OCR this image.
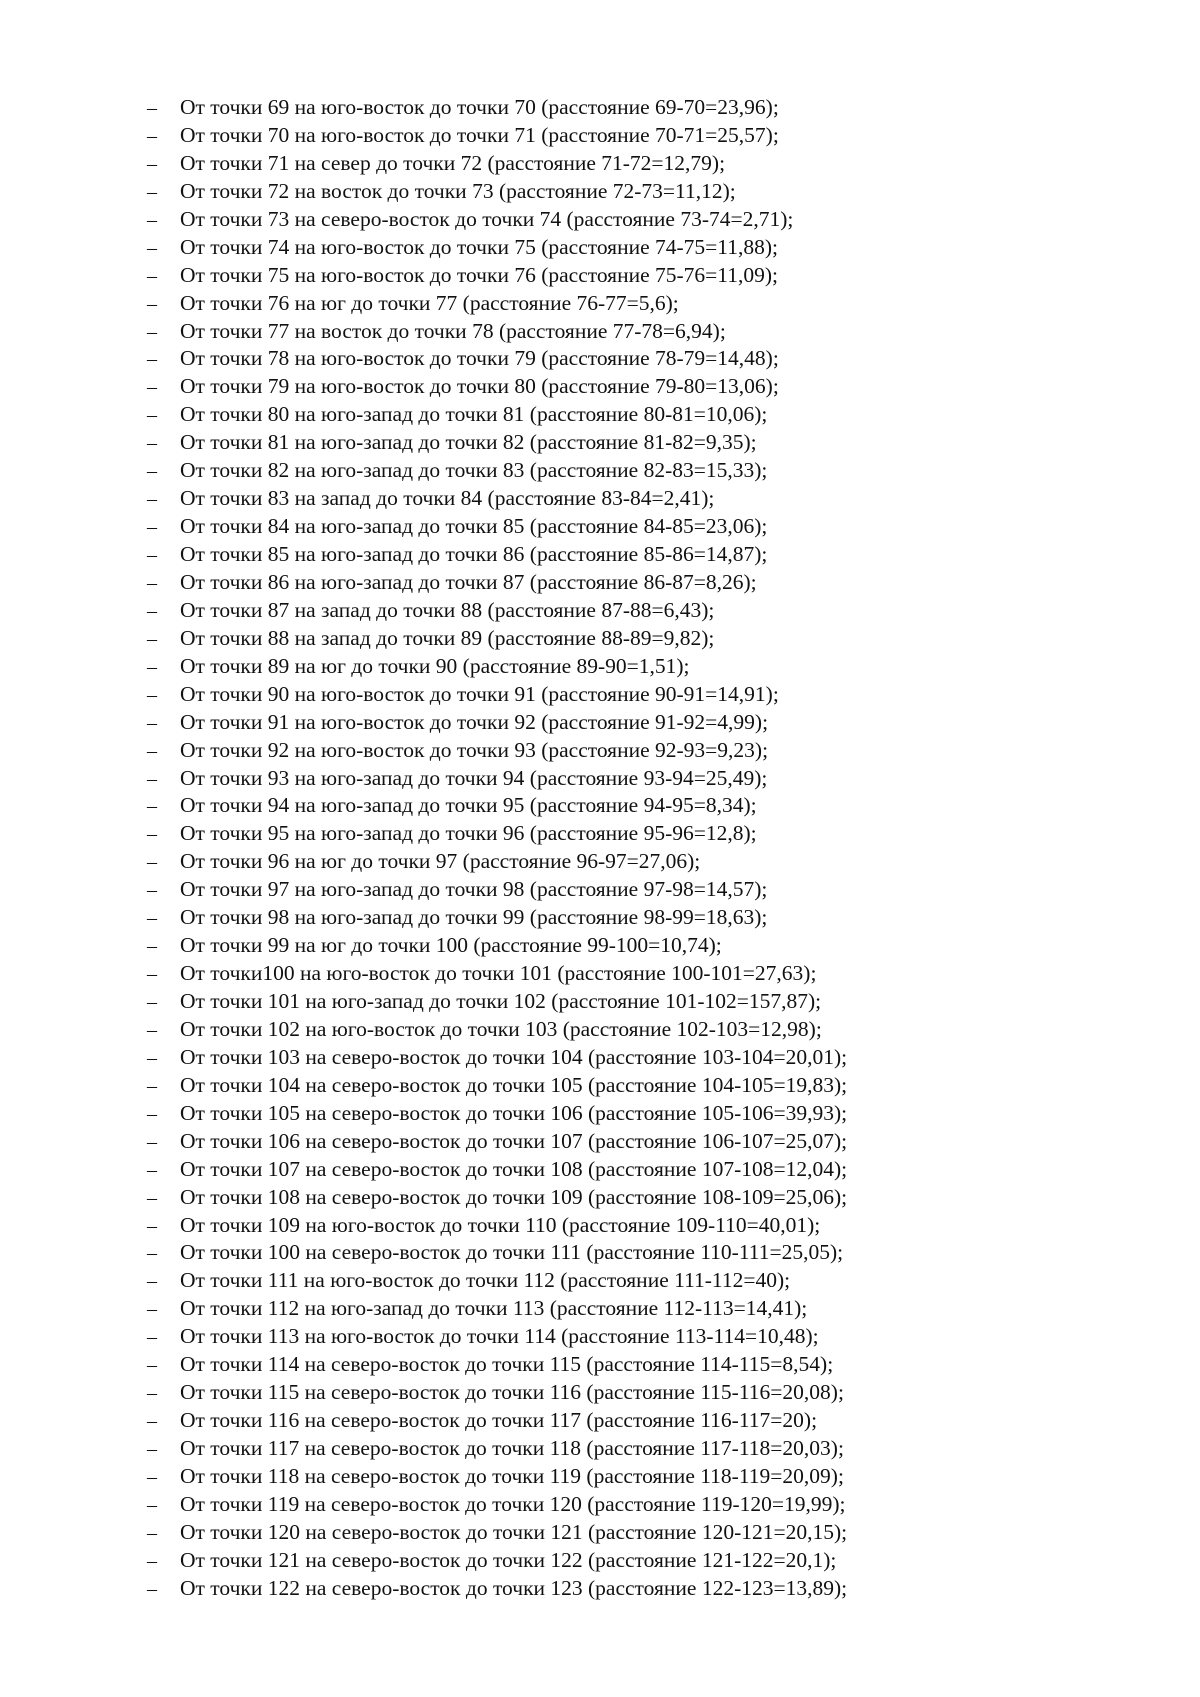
–	От точки 69 на юго-восток до точки 70 (расстояние 69-70=23,96);
–	От точки 70 на юго-восток до точки 71 (расстояние 70-71=25,57);
–	От точки 71 на север до точки 72 (расстояние 71-72=12,79);
–	От точки 72 на восток до точки 73 (расстояние 72-73=11,12);
–	От точки 73 на северо-восток до точки 74 (расстояние 73-74=2,71);
–	От точки 74 на юго-восток до точки 75 (расстояние 74-75=11,88);
–	От точки 75 на юго-восток до точки 76 (расстояние 75-76=11,09);
–	От точки 76 на юг до точки 77 (расстояние 76-77=5,6);
–	От точки 77 на восток до точки 78 (расстояние 77-78=6,94);
–	От точки 78 на юго-восток до точки 79 (расстояние 78-79=14,48);
–	От точки 79 на юго-восток до точки 80 (расстояние 79-80=13,06);
–	От точки 80 на юго-запад до точки 81 (расстояние 80-81=10,06);
–	От точки 81 на юго-запад до точки 82 (расстояние 81-82=9,35);
–	От точки 82 на юго-запад до точки 83 (расстояние 82-83=15,33);
–	От точки 83 на запад до точки 84 (расстояние 83-84=2,41);
–	От точки 84 на юго-запад до точки 85 (расстояние 84-85=23,06);
–	От точки 85 на юго-запад до точки 86 (расстояние 85-86=14,87);
–	От точки 86 на юго-запад до точки 87 (расстояние 86-87=8,26);
–	От точки 87 на запад до точки 88 (расстояние 87-88=6,43);
–	От точки 88 на запад до точки 89 (расстояние 88-89=9,82);
–	От точки 89 на юг до точки 90 (расстояние 89-90=1,51);
–	От точки 90 на юго-восток до точки 91 (расстояние 90-91=14,91);
–	От точки 91 на юго-восток до точки 92 (расстояние 91-92=4,99);
–	От точки 92 на юго-восток до точки 93 (расстояние 92-93=9,23);
–	От точки 93 на юго-запад до точки 94 (расстояние 93-94=25,49);
–	От точки 94 на юго-запад до точки 95 (расстояние 94-95=8,34);
–	От точки 95 на юго-запад до точки 96 (расстояние 95-96=12,8);
–	От точки 96 на юг до точки 97 (расстояние 96-97=27,06);
–	От точки 97 на юго-запад до точки 98 (расстояние 97-98=14,57);
–	От точки 98 на юго-запад до точки 99 (расстояние 98-99=18,63);
–	От точки 99 на юг до точки 100 (расстояние 99-100=10,74);
–	От точки100 на юго-восток до точки 101 (расстояние 100-101=27,63);
–	От точки 101 на юго-запад до точки 102 (расстояние 101-102=157,87);
–	От точки 102 на юго-восток до точки 103 (расстояние 102-103=12,98);
–	От точки 103 на северо-восток до точки 104 (расстояние 103-104=20,01);
–	От точки 104 на северо-восток до точки 105 (расстояние 104-105=19,83);
–	От точки 105 на северо-восток до точки 106 (расстояние 105-106=39,93);
–	От точки 106 на северо-восток до точки 107 (расстояние 106-107=25,07);
–	От точки 107 на северо-восток до точки 108 (расстояние 107-108=12,04);
–	От точки 108 на северо-восток до точки 109 (расстояние 108-109=25,06);
–	От точки 109 на юго-восток до точки 110 (расстояние 109-110=40,01);
–	От точки 100 на северо-восток до точки 111 (расстояние 110-111=25,05);
–	От точки 111 на юго-восток до точки 112 (расстояние 111-112=40);
–	От точки 112 на юго-запад до точки 113 (расстояние 112-113=14,41);
–	От точки 113 на юго-восток до точки 114 (расстояние 113-114=10,48);
–	От точки 114 на северо-восток до точки 115 (расстояние 114-115=8,54);
–	От точки 115 на северо-восток до точки 116 (расстояние 115-116=20,08);
–	От точки 116 на северо-восток до точки 117 (расстояние 116-117=20);
–	От точки 117 на северо-восток до точки 118 (расстояние 117-118=20,03);
–	От точки 118 на северо-восток до точки 119 (расстояние 118-119=20,09);
–	От точки 119 на северо-восток до точки 120 (расстояние 119-120=19,99);
–	От точки 120 на северо-восток до точки 121 (расстояние 120-121=20,15);
–	От точки 121 на северо-восток до точки 122 (расстояние 121-122=20,1);
–	От точки 122 на северо-восток до точки 123 (расстояние 122-123=13,89);
